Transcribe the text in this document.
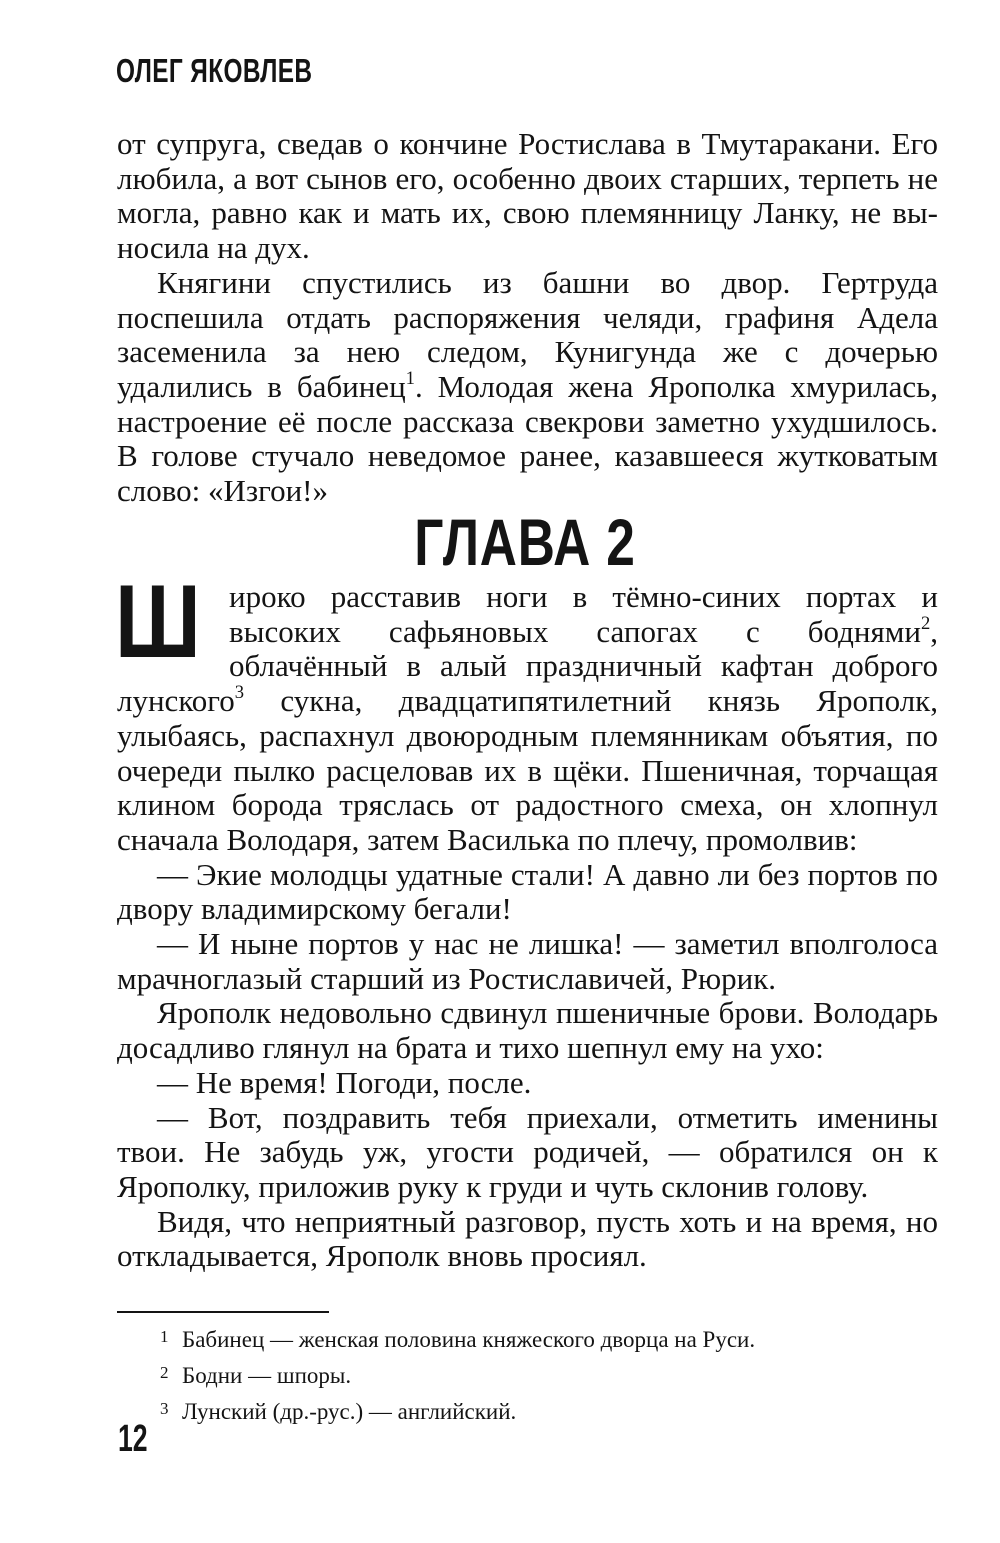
ОЛЕГ ЯКОВЛЕВ

от супруга, сведав о кончине Ростислава в Тмутаракани. Его любила, а вот сынов его, особенно двоих старших, терпеть не могла, равно как и мать их, свою племянницу Ланку, не выносила на дух.

Княгини спустились из башни во двор. Гертруда поспешила отдать распоряжения челяди, графиня Адела засеменила за нею следом, Кунигунда же с дочерью удалились в бабинец$^1$. Молодая жена Ярополка хмурилась, настроение её после рассказа свекрови заметно ухудшилось. В голове стучало неведомое ранее, казавшееся жутковатым слово: «Изгои!»

ГЛАВА 2

Широко расставив ноги в тёмно-синих портах и высоких сафьяновых сапогах с боднями$^2$, облачённый в алый праздничный кафтан доброго лунского$^3$ сукна, двадцатипятилетний князь Ярополк, улыбаясь, распахнул двоюродным племянникам объятия, по очереди пылко расцеловав их в щёки. Пшеничная, торчащая клином борода тряслась от радостного смеха, он хлопнул сначала Володаря, затем Василька по плечу, промолвив:

— Экие молодцы удатные стали! А давно ли без портов по двору владимирскому бегали!

— И ныне портов у нас не лишка! — заметил вполголоса мрачноглазый старший из Ростиславичей, Рюрик.

Ярополк недовольно сдвинул пшеничные брови. Володарь досадливо глянул на брата и тихо шепнул ему на ухо:

— Не время! Погоди, после.

— Вот, поздравить тебя приехали, отметить именины твои. Не забудь уж, угости родичей, — обратился он к Ярополку, приложив руку к груди и чуть склонив голову.

Видя, что неприятный разговор, пусть хоть и на время, но откладывается, Ярополк вновь просиял.

1 Бабинец — женская половина княжеского дворца на Руси.
2 Бодни — шпоры.
3 Лунский (др.-рус.) — английский.
12
